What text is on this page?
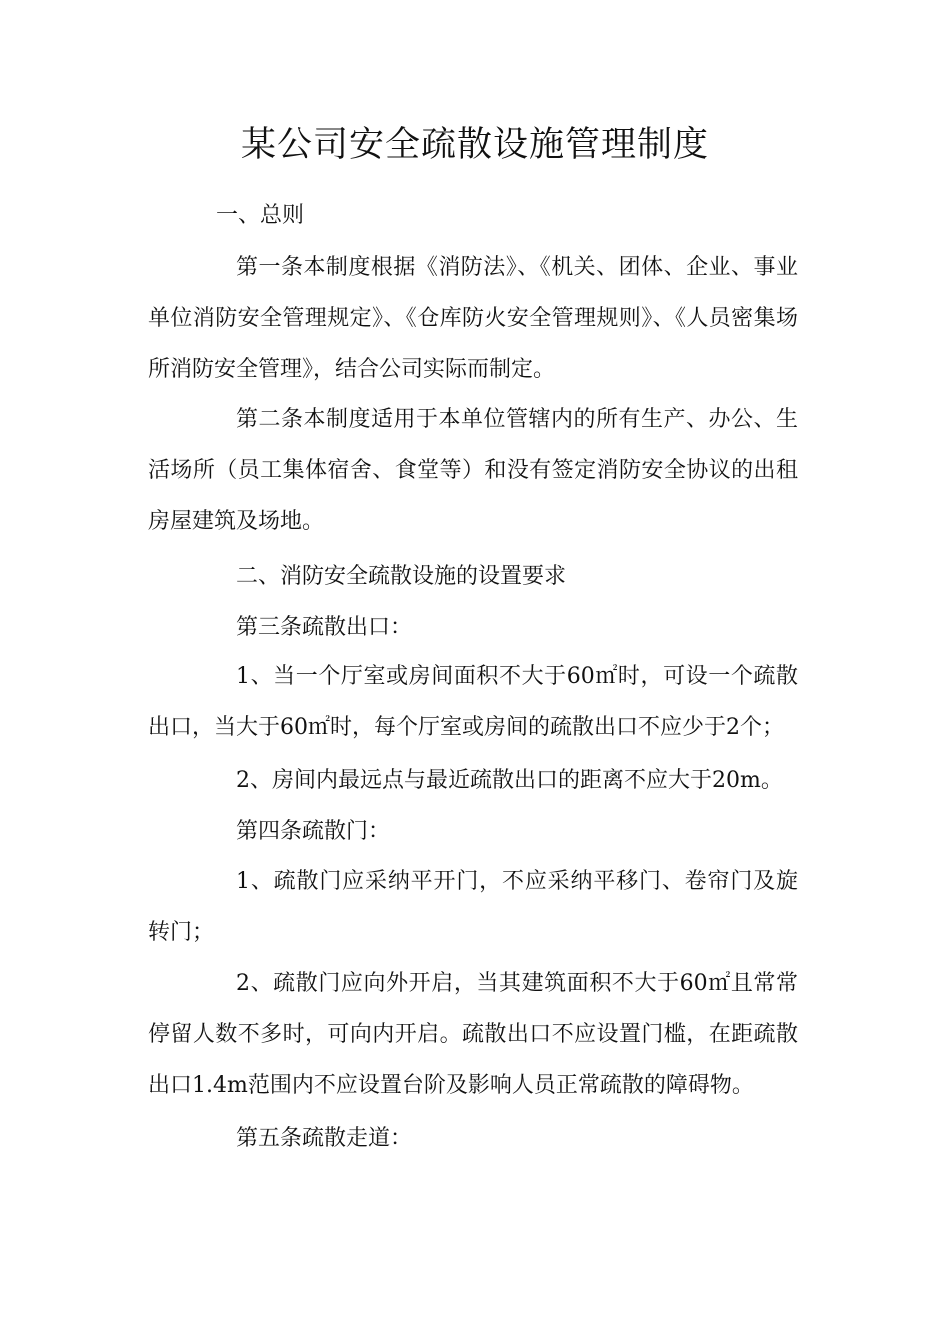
某公司安全疏散设施管理制度
一、总则

第一条本制度根据《消防法》、《机关、团体、企业、事业单位消防安全管理规定》、《仓库防火安全管理规则》、《人员密集场所消防安全管理》，结合公司实际而制定。

第二条本制度适用于本单位管辖内的所有生产、办公、生活场所（员工集体宿舍、食堂等）和没有签定消防安全协议的出租房屋建筑及场地。

二、消防安全疏散设施的设置要求
第三条疏散出口：

1、当一个厅室或房间面积不大于60㎡时，可设一个疏散出口，当大于60㎡时，每个厅室或房间的疏散出口不应少于2个；

2、房间内最远点与最近疏散出口的距离不应大于20m。
第四条疏散门：

1、疏散门应采纳平开门，不应采纳平移门、卷帘门及旋转门；

2、疏散门应向外开启，当其建筑面积不大于60㎡且常常停留人数不多时，可向内开启。疏散出口不应设置门槛，在距疏散出口1.4m范围内不应设置台阶及影响人员正常疏散的障碍物。

第五条疏散走道：
